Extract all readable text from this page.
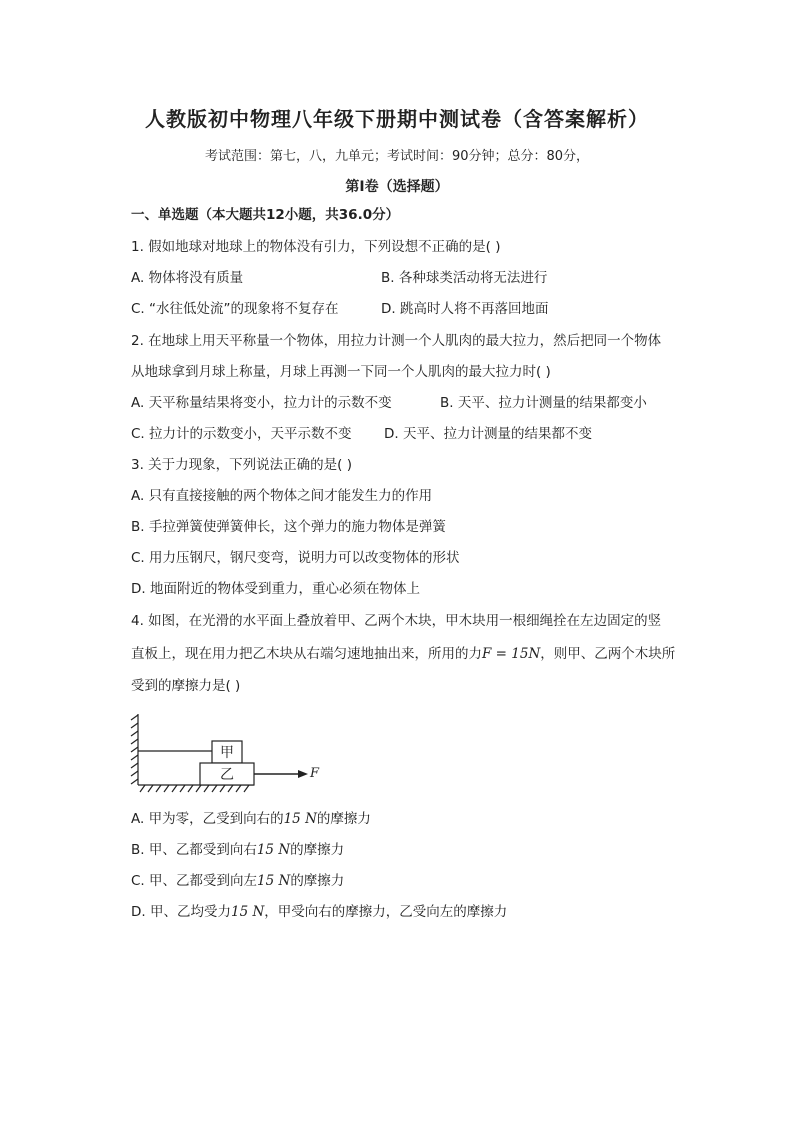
人教版初中物理八年级下册期中测试卷（含答案解析）
考试范围：第七，八，九单元；考试时间：90分钟；总分：80分，
第I卷（选择题）
一、单选题（本大题共12小题，共36.0分）
1. 假如地球对地球上的物体没有引力，下列设想不正确的是( )
A. 物体将没有质量	B. 各种球类活动将无法进行
C. “水往低处流”的现象将不复存在	D. 跳高时人将不再落回地面
2. 在地球上用天平称量一个物体，用拉力计测一个人肌肉的最大拉力，然后把同一个物体
从地球拿到月球上称量，月球上再测一下同一个人肌肉的最大拉力时( )
A. 天平称量结果将变小，拉力计的示数不变	B. 天平、拉力计测量的结果都变小
C. 拉力计的示数变小，天平示数不变 D. 天平、拉力计测量的结果都不变
3. 关于力现象，下列说法正确的是( )
A. 只有直接接触的两个物体之间才能发生力的作用
B. 手拉弹簧使弹簧伸长，这个弹力的施力物体是弹簧
C. 用力压钢尺，钢尺变弯，说明力可以改变物体的形状
D. 地面附近的物体受到重力，重心必须在物体上
4. 如图，在光滑的水平面上叠放着甲、乙两个木块，甲木块用一根细绳拴在左边固定的竖
直板上，现在用力把乙木块从右端匀速地抽出来，所用的力F = 15N，则甲、乙两个木块所
受到的摩擦力是( )
甲
乙	F
A. 甲为零，乙受到向右的15 N的摩擦力
B. 甲、乙都受到向右15 N的摩擦力
C. 甲、乙都受到向左15 N的摩擦力
D. 甲、乙均受力15 N，甲受向右的摩擦力，乙受向左的摩擦力
